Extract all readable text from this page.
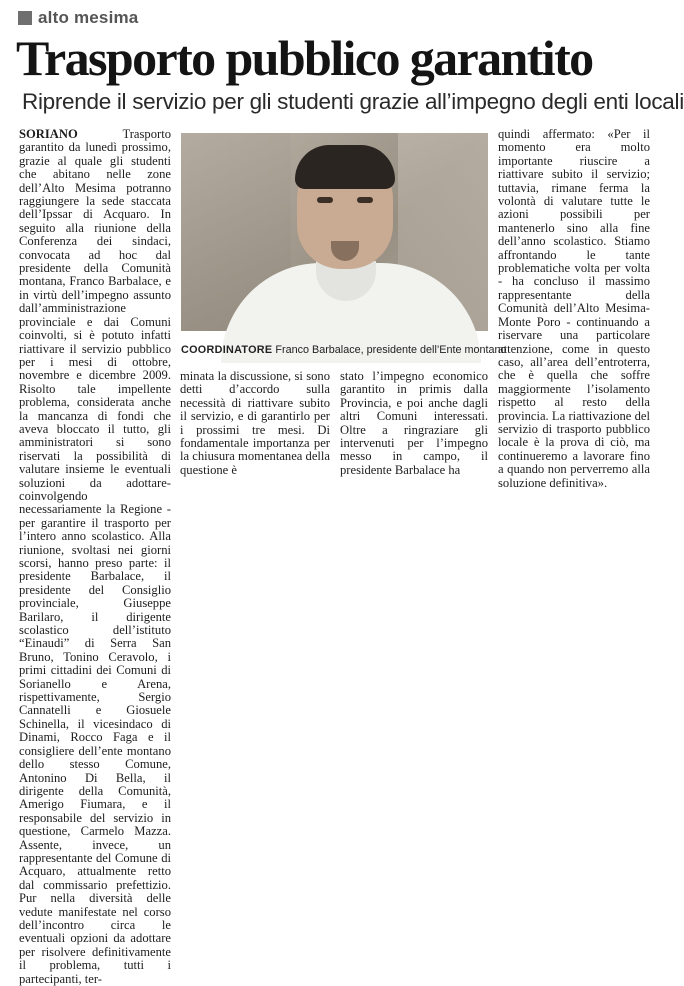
alto mesima
Trasporto pubblico garantito
Riprende il servizio per gli studenti grazie all’impegno degli enti locali
SORIANO Trasporto garantito da lunedì prossimo, grazie al quale gli studenti che abitano nelle zone dell’Alto Mesima potranno raggiungere la sede staccata dell’Ipssar di Acquaro. In seguito alla riunione della Conferenza dei sindaci, convocata ad hoc dal presidente della Comunità montana, Franco Barbalace, e in virtù dell’impegno assunto dall’amministrazione provinciale e dai Comuni coinvolti, si è potuto infatti riattivare il servizio pubblico per i mesi di ottobre, novembre e dicembre 2009. Risolto tale impellente problema, considerata anche la mancanza di fondi che aveva bloccato il tutto, gli amministratori si sono riservati la possibilità di valutare insieme le eventuali soluzioni da adottare- coinvolgendo necessariamente la Regione - per garantire il trasporto per l’intero anno scolastico. Alla riunione, svoltasi nei giorni scorsi, hanno preso parte: il presidente Barbalace, il presidente del Consiglio provinciale, Giuseppe Barilaro, il dirigente scolastico dell’istituto “Einaudi” di Serra San Bruno, Tonino Ceravolo, i primi cittadini dei Comuni di Sorianello e Arena, rispettivamente, Sergio Cannatelli e Giosuele Schinella, il vicesindaco di Dinami, Rocco Faga e il consigliere dell’ente montano dello stesso Comune, Antonino Di Bella, il dirigente della Comunità, Amerigo Fiumara, e il responsabile del servizio in questione, Carmelo Mazza. Assente, invece, un rappresentante del Comune di Acquaro, attualmente retto dal commissario prefettizio. Pur nella diversità delle vedute manifestate nel corso dell’incontro circa le eventuali opzioni da adottare per risolvere definitivamente il problema, tutti i partecipanti, ter-
COORDINATORE Franco Barbalace, presidente dell’Ente montano
minata la discussione, si sono detti d’accordo sulla necessità di riattivare subito il servizio, e di garantirlo per i prossimi tre mesi. Di fondamentale importanza per la chiusura momentanea della questione è
stato l’impegno economico garantito in primis dalla Provincia, e poi anche dagli altri Comuni interessati. Oltre a ringraziare gli intervenuti per l’impegno messo in campo, il presidente Barbalace ha
quindi affermato: «Per il momento era molto importante riuscire a riattivare subito il servizio; tuttavia, rimane ferma la volontà di valutare tutte le azioni possibili per mantenerlo sino alla fine dell’anno scolastico. Stiamo affrontando le tante problematiche volta per volta - ha concluso il massimo rappresentante della Comunità dell’Alto Mesima- Monte Poro - continuando a riservare una particolare attenzione, come in questo caso, all’area dell’entroterra, che è quella che soffre maggiormente l’isolamento rispetto al resto della provincia. La riattivazione del servizio di trasporto pubblico locale è la prova di ciò, ma continueremo a lavorare fino a quando non perverremo alla soluzione definitiva».
